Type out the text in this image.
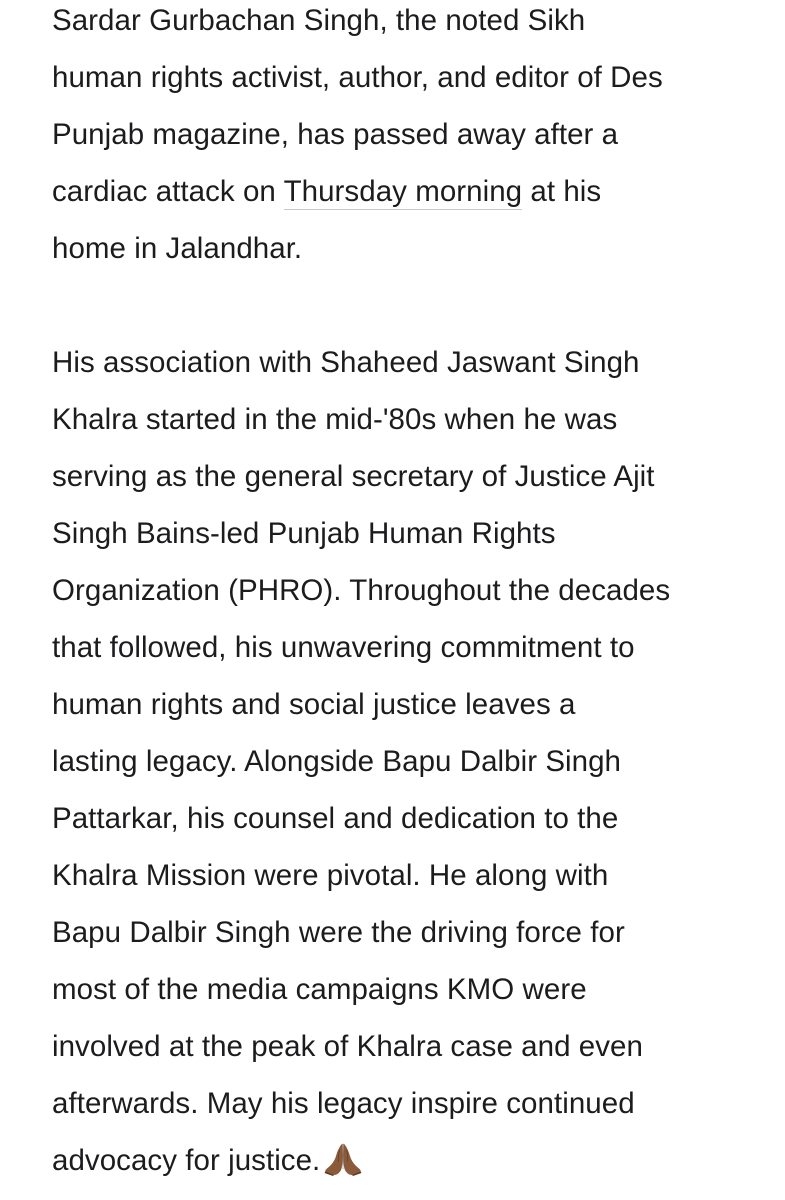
Sardar Gurbachan Singh, the noted Sikh
human rights activist, author, and editor of Des
Punjab magazine, has passed away after a
cardiac attack on Thursday morning at his
home in Jalandhar.

His association with Shaheed Jaswant Singh
Khalra started in the mid-'80s when he was
serving as the general secretary of Justice Ajit
Singh Bains-led Punjab Human Rights
Organization (PHRO). Throughout the decades
that followed, his unwavering commitment to
human rights and social justice leaves a
lasting legacy. Alongside Bapu Dalbir Singh
Pattarkar, his counsel and dedication to the
Khalra Mission were pivotal. He along with
Bapu Dalbir Singh were the driving force for
most of the media campaigns KMO were
involved at the peak of Khalra case and even
afterwards. May his legacy inspire continued
advocacy for justice.
